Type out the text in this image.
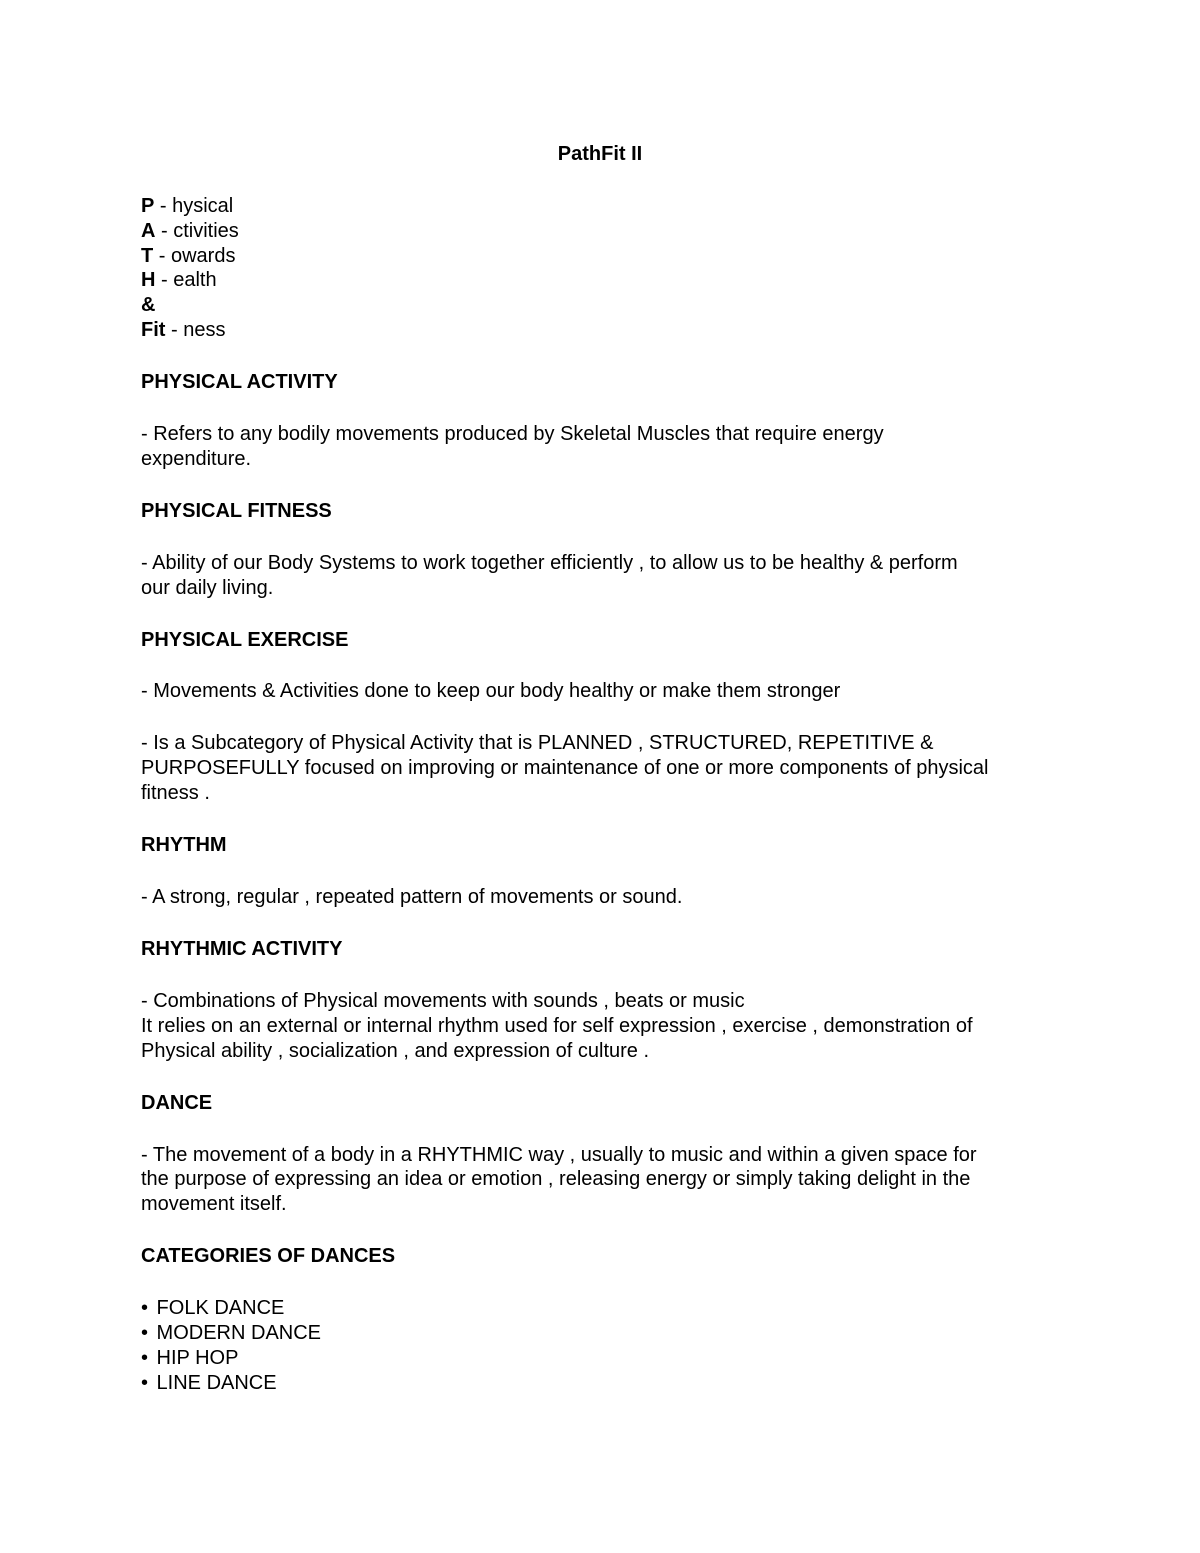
PathFit II
P - hysical
A - ctivities
T - owards
H - ealth
&
Fit - ness
PHYSICAL ACTIVITY
- Refers to any bodily movements produced by Skeletal Muscles that require energy
expenditure.
PHYSICAL FITNESS
- Ability of our Body Systems to work together efficiently , to allow us to be healthy & perform
our daily living.
PHYSICAL EXERCISE
- Movements & Activities done to keep our body healthy or make them stronger
- Is a Subcategory of Physical Activity that is PLANNED , STRUCTURED, REPETITIVE &
PURPOSEFULLY focused on improving or maintenance of one or more components of physical
fitness .
RHYTHM
- A strong, regular , repeated pattern of movements or sound.
RHYTHMIC ACTIVITY
- Combinations of Physical movements with sounds , beats or music
It relies on an external or internal rhythm used for self expression , exercise , demonstration of
Physical ability , socialization , and expression of culture .
DANCE
- The movement of a body in a RHYTHMIC way , usually to music and within a given space for
the purpose of expressing an idea or emotion , releasing energy or simply taking delight in the
movement itself.
CATEGORIES OF DANCES
• FOLK DANCE
• MODERN DANCE
• HIP HOP
• LINE DANCE
